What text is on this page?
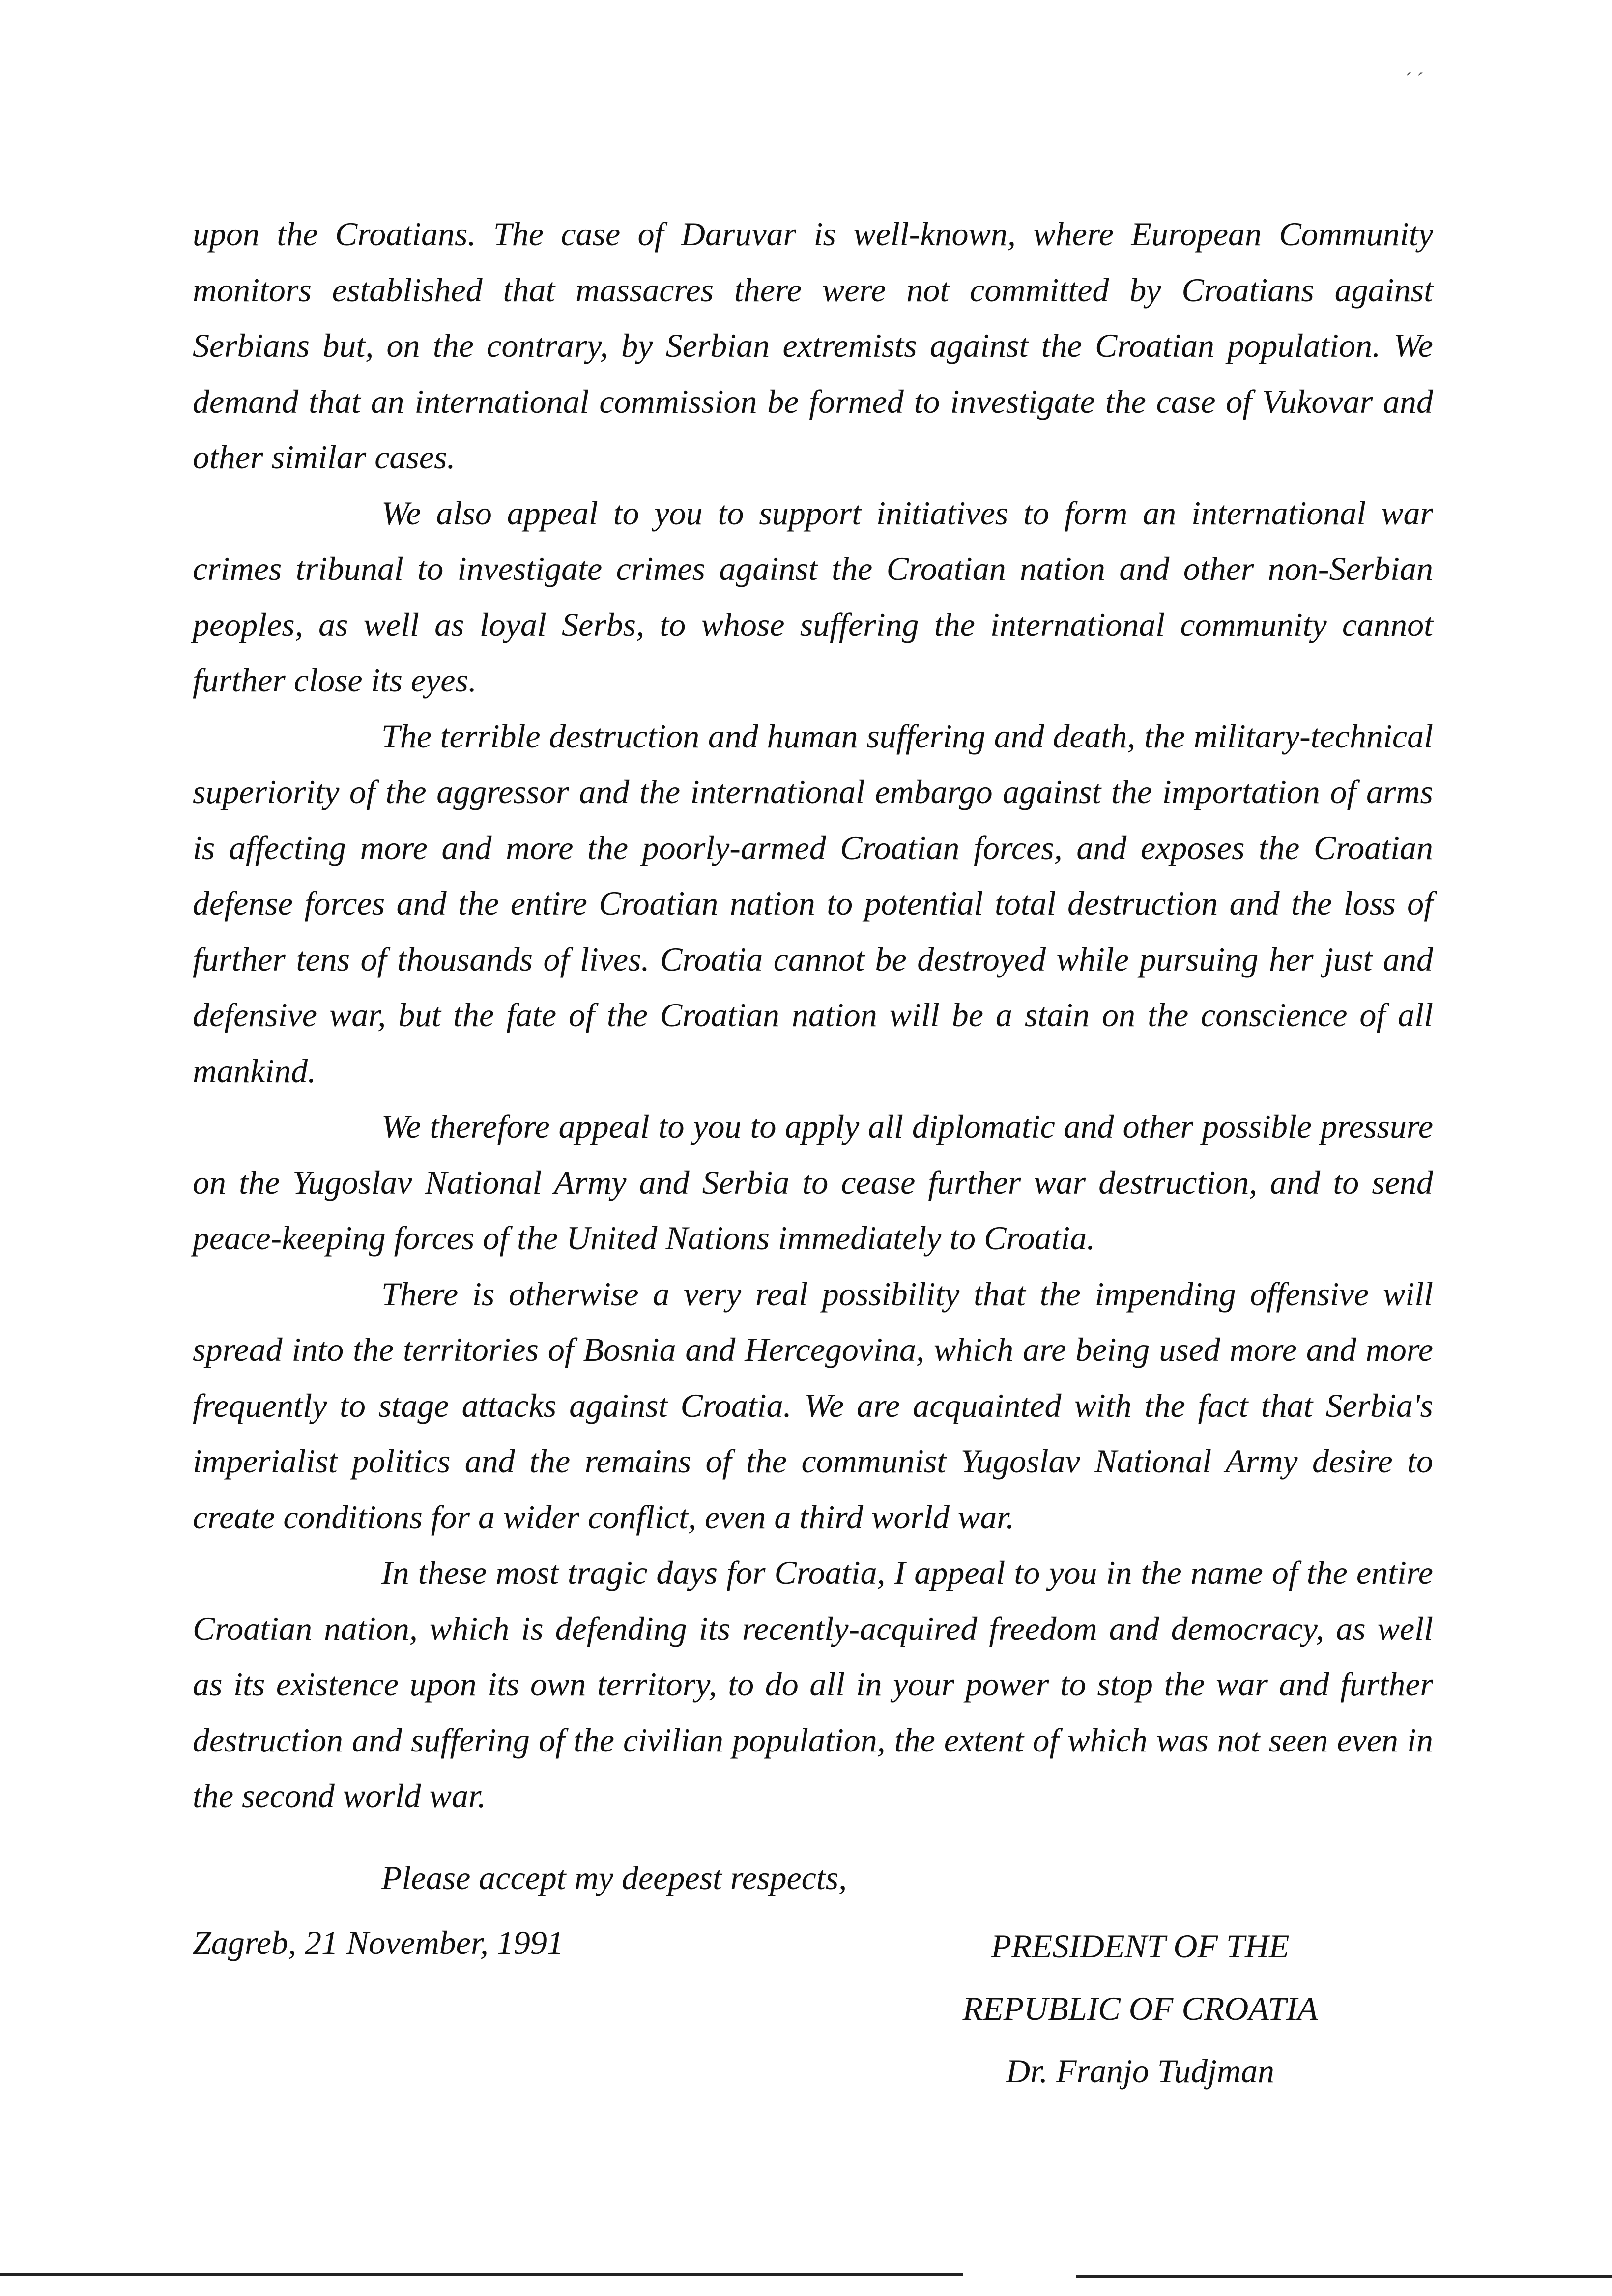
ˏ ˏ

upon the Croatians. The case of Daruvar is well-known, where European Community monitors established that massacres there were not committed by Croatians against Serbians but, on the contrary, by Serbian extremists against the Croatian population. We demand that an international commission be formed to investigate the case of Vukovar and other similar cases.

We also appeal to you to support initiatives to form an international war crimes tribunal to investigate crimes against the Croatian nation and other non-Serbian peoples, as well as loyal Serbs, to whose suffering the international community cannot further close its eyes.

The terrible destruction and human suffering and death, the military-technical superiority of the aggressor and the international embargo against the importation of arms is affecting more and more the poorly-armed Croatian forces, and exposes the Croatian defense forces and the entire Croatian nation to potential total destruction and the loss of further tens of thousands of lives. Croatia cannot be destroyed while pursuing her just and defensive war, but the fate of the Croatian nation will be a stain on the conscience of all mankind.

We therefore appeal to you to apply all diplomatic and other possible pressure on the Yugoslav National Army and Serbia to cease further war destruction, and to send peace-keeping forces of the United Nations immediately to Croatia.

There is otherwise a very real possibility that the impending offensive will spread into the territories of Bosnia and Hercegovina, which are being used more and more frequently to stage attacks against Croatia. We are acquainted with the fact that Serbia's imperialist politics and the remains of the communist Yugoslav National Army desire to create conditions for a wider conflict, even a third world war.

In these most tragic days for Croatia, I appeal to you in the name of the entire Croatian nation, which is defending its recently-acquired freedom and democracy, as well as its existence upon its own territory, to do all in your power to stop the war and further destruction and suffering of the civilian population, the extent of which was not seen even in the second world war.

Please accept my deepest respects,
Zagreb, 21 November, 1991	PRESIDENT OF THE
REPUBLIC OF CROATIA
Dr. Franjo Tudjman
